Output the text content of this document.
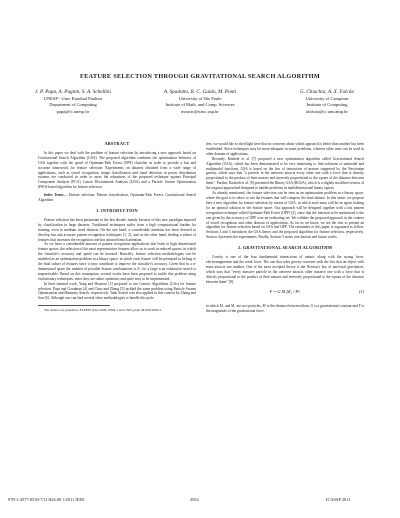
FEATURE SELECTION THROUGH GRAVITATIONAL SEARCH ALGORITHM
J. P. Papa, A. Pagnin, S. A. Schellini
UNESP - Univ Estadual Paulista
Department of Computing
papa@fc.unesp.br
A. Spadotto, R. C. Guido, M. Ponti
University of São Paulo
Institute of Math. and Comp. Sciences
moacir@icmc.usp.br
G. Chiachia, A. X. Falcão
University of Campinas
Institute of Computing
afalcao@ic.unicamp.br
ABSTRACT

In this paper we deal with the problem of feature selection by introducing a new approach based on Gravitational Search Algorithm (GSA). The proposed algorithm combines the optimization behavior of GSA together with the speed of Optimum-Path Forest (OPF) classifier in order to provide a fast and accurate framework for feature selection. Experiments on datasets obtained from a wide range of applications, such as vowel recognition, image classification and fraud detection in power distribution systems are conducted in order to asses the robustness of the proposed technique against Principal Component Analysis (PCA), Linear Discriminant Analysis (LDA) and a Particle Swarm Optimization (PSO)-based algorithm for feature selection.

Index Terms— Feature selection, Pattern classification, Optimum-Path Forest, Gravitational Search Algorithm

1. INTRODUCTION

Feature selection has been paramount in the last decade, mainly because of this new paradigm imposed by classification in large datasets. Traditional techniques suffer from a high computational burden for training, even in medium sized datasets. On the one hand, a considerable attention has been devoted to develop fast and accurate pattern recognition techniques [1, 2], and on the other hand, finding a subset of features that increases the recognition rate has attracted much attention.

As we have a considerable amount of pattern recognition applications that leads to high dimensional feature spaces, the selection of the most representative features allow us to work in reduced spaces, in which the classifier's accuracy and speed can be boosted. Basically, feature selection methodologies can be modeled as an optimization problem in a binary space, in which each feature will be prompted to belong to the final subset of features since it may contribute to improve the classifier's accuracy. Given that in a n-dimensional space the number of possible feature combinations is 2ⁿ, for a large n an exhaustive search is impracticable. Based on this assumption, several works have been proposed to tackle this problem using evolutionary techniques, since they are rather optimistic and quite easy to be implemented.

In their seminal work, Yang and Honavar [3] proposed to use Genetic Algorithms (GAs) for feature selection. Firpi and Goodman [4] and Chuo and Zhang [5] tackled the same problem using Particle Swarm Optimization and Harmony Search, respectively. Tabu Search was also applied in this context by Zhang and Sun [6]. Although one can find several other methodologies to handle this prob-

The authors are grateful to FAPESP grant 2009/16206-1 and CNPq grant 481556/2009-5.

lem, we would like to shed light here that no concerns about which approach is better than another has been established. Since techniques may be more adequate in some problems, whereas other ones can be used in other domain of applications.

Recently, Rashedi et al. [7] proposed a new optimization algorithm called Gravitational Search Algorithm (GSA), which has been demonstrated to be very interesting to find solutions of unimodal and multimodal functions. GSA is based on the law of interaction of masses supported by the Newtonian gravity, which says that "a particle in the universe attracts every other one with a force that is directly proportional to the product of their masses and inversely proportional to the square of the distance between them". Further, Rashedi et al. [8] presented the Binary GSA (BGSA), which is a slightly modified version of the original approached designed to handle problems in multidimensional binary spaces.

As already mentioned, the feature selection can be seen as an optimization problem in a binary space, where the goal is to select or not the features that will compose the final dataset. In this sense, we propose here a new algorithm for feature selection by means of GSA, in which each mass will be an agent looking for an optimal solution in the feature space. Our approach will be designed together with a fast pattern recognition technique called Optimum-Path Forest (OPF) [2], since that the function to be maximized is the one given by the accuracy of OPF over an evaluating set. We validate the proposed approach in the context of vowel recognition and other domain of applications. As far as we know, we are the first to present an algorithm for feature selection based on GSA and OPF. The remainder of this paper is organized as follow. Sections 2 and 3 introduces the GSA theory and the proposed algorithm for feature selection, respectively. Section 4 presents the experiments. Finally, Section 5 states conclusions and future works.

2. GRAVITATIONAL SEARCH ALGORITHM

Gravity is one of the four fundamental interactions of nature, along with the strong force, electromagnetism and the weak force. The one that rules gravity concerns with the fact that an object with mass attracts one another. One of the most accepted theory is the Newton's law of universal gravitation, which says that "every massive particle in the universe attracts other massive one with a force that is directly proportional to the product of their masses and inversely proportional to the square of the distance between them" [9]:

F = G M₁M₂ / R²,	(1)

in which M₁ and M₂ are two particles, R² is the distance between them, G is a gravitational constant and F is the magnitude of the gravitational force.

978-1-4577-0539-7/11/$26.00 ©2011 IEEE	2052	ICASSP 2011
